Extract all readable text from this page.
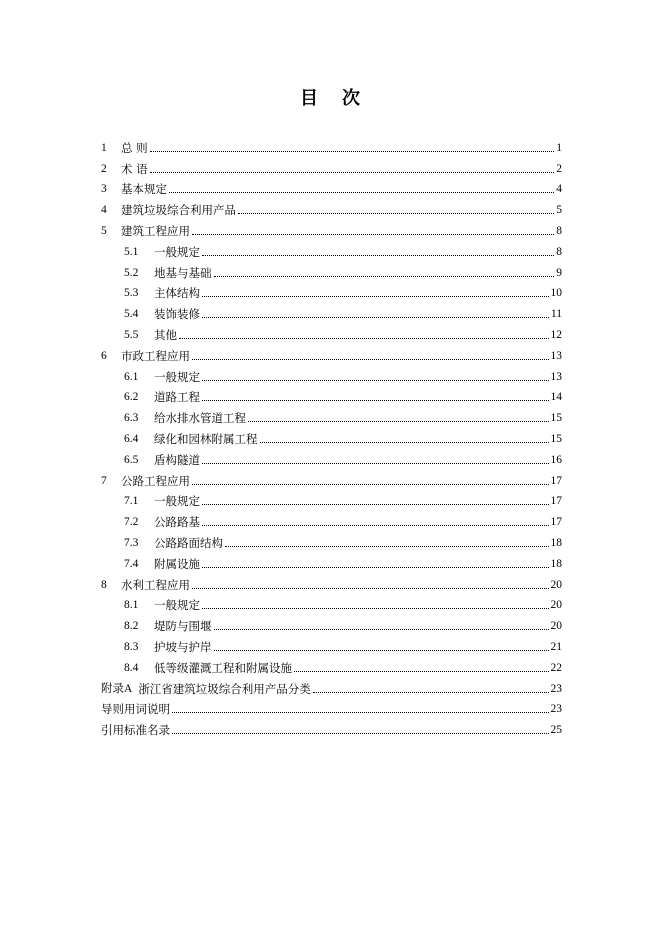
目 次
1	总 则	1
2	术 语	2
3	基本规定	4
4	建筑垃圾综合利用产品	5
5	建筑工程应用	8
5.1	一般规定	8
5.2	地基与基础	9
5.3	主体结构	10
5.4	装饰装修	11
5.5	其他	12
6	市政工程应用	13
6.1	一般规定	13
6.2	道路工程	14
6.3	给水排水管道工程	15
6.4	绿化和园林附属工程	15
6.5	盾构隧道	16
7	公路工程应用	17
7.1	一般规定	17
7.2	公路路基	17
7.3	公路路面结构	18
7.4	附属设施	18
8	水利工程应用	20
8.1	一般规定	20
8.2	堤防与围堰	20
8.3	护坡与护岸	21
8.4	低等级灌溉工程和附属设施	22
附录A 浙江省建筑垃圾综合利用产品分类	23
导则用词说明	23
引用标准名录	25
